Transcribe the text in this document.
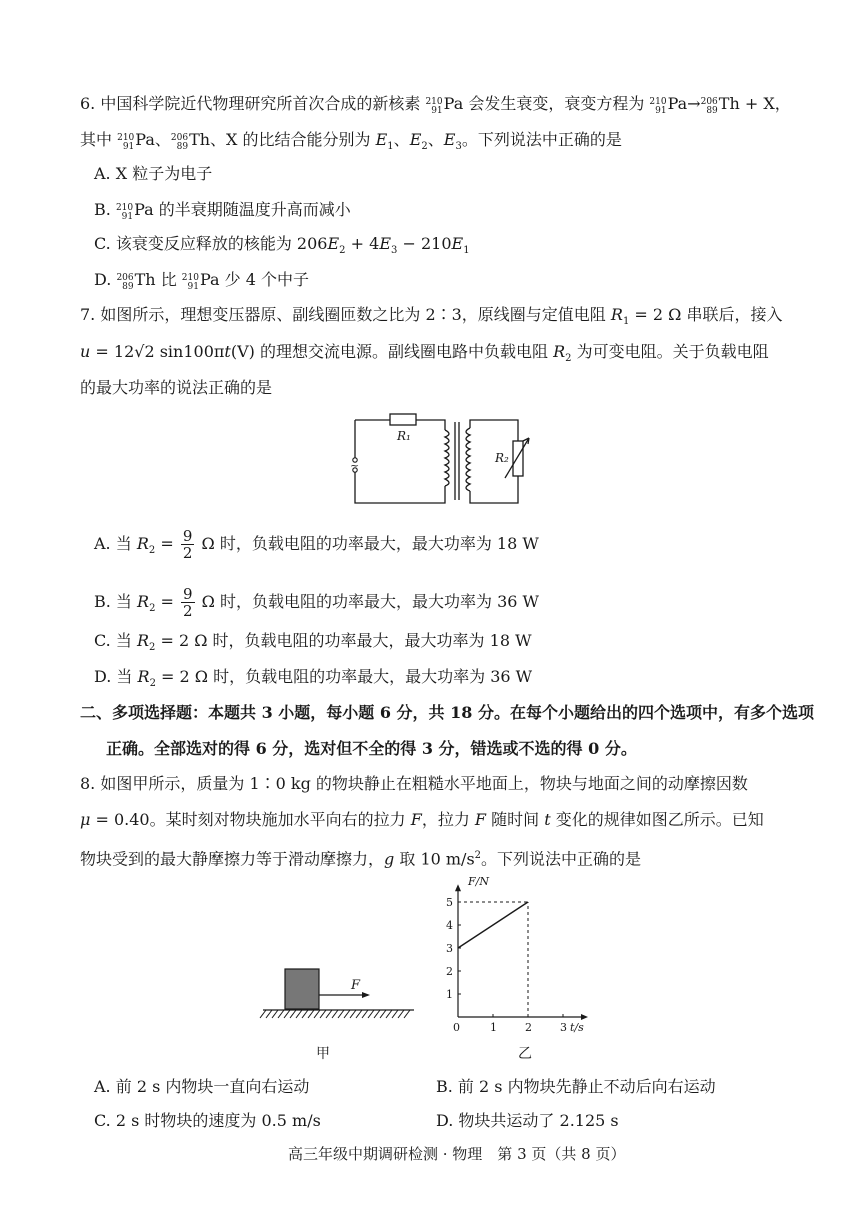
6. 中国科学院近代物理研究所首次合成的新核素 210
91 Pa 会发生衰变，衰变方程为 210
91 Pa→ 206
89 Th + X，
其中 210
91 Pa、 206
89 Th、X 的比结合能分别为 $E_1$、$E_2$、$E_3$。下列说法中正确的是
A. X 粒子为电子
B. 210
91 Pa 的半衰期随温度升高而减小
C. 该衰变反应释放的核能为 $206E_2 + 4E_3 - 210E_1$
D. 206
89 Th 比 210
91 Pa 少 4 个中子
7. 如图所示，理想变压器原、副线圈匝数之比为 2∶3，原线圈与定值电阻 $R_1 = 2$ Ω 串联后，接入
u = 12√2 sin100πt(V) 的理想交流电源。副线圈电路中负载电阻 $R_2$ 为可变电阻。关于负载电阻
的最大功率的说法正确的是
~
R₁
R₂
A. 当 $R_2 = \frac{9}{2}$ Ω 时，负载电阻的功率最大，最大功率为 18 W
B. 当 $R_2 = \frac{9}{2}$ Ω 时，负载电阻的功率最大，最大功率为 36 W
C. 当 $R_2 = 2$ Ω 时，负载电阻的功率最大，最大功率为 18 W
D. 当 $R_2 = 2$ Ω 时，负载电阻的功率最大，最大功率为 36 W
二、多项选择题：本题共 3 小题，每小题 6 分，共 18 分。在每个小题给出的四个选项中，有多个选项
正确。全部选对的得 6 分，选对但不全的得 3 分，错选或不选的得 0 分。
8. 如图甲所示，质量为 1∶0 kg 的物块静止在粗糙水平地面上，物块与地面之间的动摩擦因数
μ = 0.40。某时刻对物块施加水平向右的拉力 F，拉力 F 随时间 t 变化的规律如图乙所示。已知
物块受到的最大静摩擦力等于滑动摩擦力，g 取 10 $m/s^2$。下列说法中正确的是
F
甲
0	1	2	3
1
2
3
4
5
F/N
t/s
乙
A. 前 2 s 内物块一直向右运动	B. 前 2 s 内物块先静止不动后向右运动
C. 2 s 时物块的速度为 0.5 m/s	D. 物块共运动了 2.125 s
高三年级中期调研检测 · 物理　第 3 页（共 8 页）
